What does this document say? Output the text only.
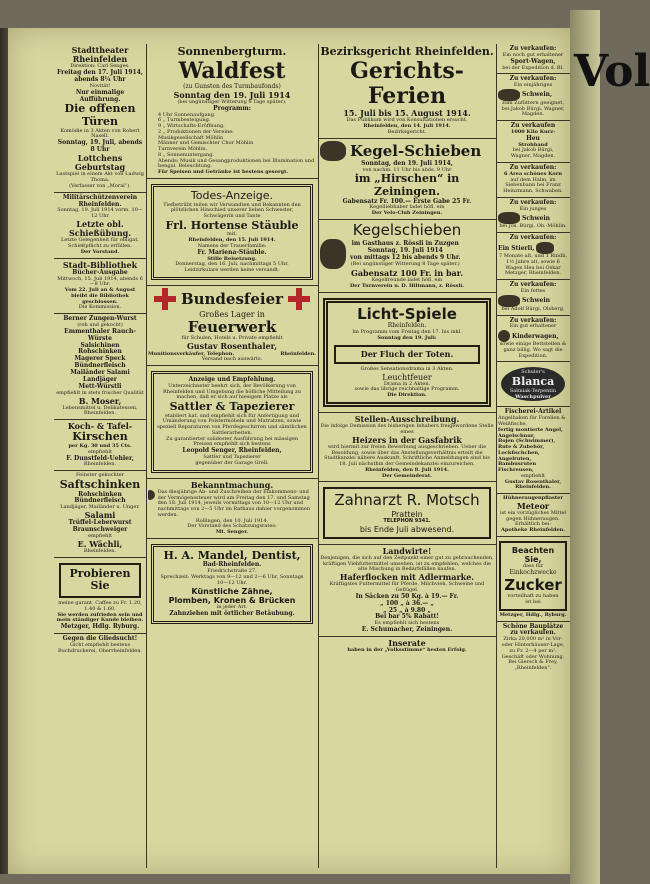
Vol
Stadttheater Rheinfelden
Direktion: Carl Senges.
Freitag den 17. Juli 1914, abends 8¼ Uhr
Novität!
Nur einmalige Aufführung.
Die offenen Türen
Komödie in 3 Akten von Robert Nasell.
Sonntag, 19. Juli, abends 8 Uhr
Lottchens Geburtstag
Lustspiel in einem Akt von Ludwig Thoma.
(Verfasser von „Moral“).
Militärschützenverein Rheinfelden.
Sonntag, 19. Juli 1914 vorm. 10—12 Uhr
Letzte obl. Schießübung.
Letzte Gelegenheit für obligat. Schießpflicht zu erfüllen.
Der Vorstand.
Stadt-Bibliothek
Bücher-Ausgabe
Mittwoch, 15. Juli 1914, abends 6—8 Uhr.
Vom 22. Juli an & August bleibt die Bibliothek geschlossen.
Die Kommission.
Berner Zungen-Wurst
(roh und gekocht)
Emmenthaler Rauch-Würste
Salsichinen
Rohschinken
Magerer Speck
Bündnerfleisch
Mailänder Salami
Landjäger
Mett-Würstli
empfiehlt in stets frischer Qualität
B. Moser,
Lebensmittel u. Delikatessen, Rheinfelden.
Koch- & Tafel-
Kirschen
per Kg. 30 und 35 Cts.
empfiehlt
F. Dunstfeld-Uehler,
Rheinfelden.
Feinster gekochter
Saftschinken
Rohschinken
Bündnerfleisch
Landjäger, Mailänder u. Unger.
Salami
Trüffel-Leberwurst
Braunschweiger
empfiehlt
E. Wächli,
Rheinfelden.
Probieren Sie
meine garant. Caffee zu Fr. 1.20, 1.40 & 1.60.
Sie werden zufrieden sein und mein ständiger Kunde bleiben.
Metzger, Hdlg. Ryburg.
Gegen die Gliedsucht!
Gicht empfiehlt bestens
Buchdruckerei, Oberrheinfelden.
Sonnenbergturm.
Waldfest
(zu Gunsten des Turmbaufonds)
Sonntag den 19. Juli 1914
(bei ungünstiger Witterung 8 Tage später).
Programm:
4 Uhr Sonnenaufgang.
6 „ Turmbesteigung.
9 „ Wirtschafts-Eröffnung.
2 „ Produktionen der Vereine:
Musikgesellschaft Möhlin
Männer und Gemischter Chor Möhlin
Turnverein Möhlin.
8 „ Sonnenuntergang.
Abends: Musik und Gesangproduktionen bei Illumination und bengal. Beleuchtung.
Für Speisen und Getränke ist bestens gesorgt.
Todes-Anzeige.
Tiefbetrübt teilen wir Verwandten und Bekannten den plötzlichen Hinschied unserer lieben Schwester, Schwägerin und Tante
Frl. Hortense Stäuble
mit.
Rheinfelden, den 15. Juli 1914.
Namens der Trauerfamilie:
Fr. Mariena-Stäuble.
Stille Beisetzung.
Donnerstag, den 16. Juli, nachmittags 5 Uhr.
Leidzirkulare werden keine versandt.
Bundesfeier
Großes Lager in
Feuerwerk
für Schulen, Hotels u. Private empfiehlt
Gustav Rosenthaler,
Munitionsverkäufer, Telephon.	Rheinfelden.
Versand nach auswärts.
Anzeige und Empfehlung.
Unterzeichneter beehrt sich, der Bevölkerung von Rheinfelden und Umgebung die höfliche Mitteilung zu machen, daß er sich auf hiesigem Platze als
Sattler & Tapezierer
etabliert hat, und empfiehlt sich für Anfertigung und Umänderung von Polstermöbeln und Matratzen, sowie speziell Reparaturen von Pferdegeschirren und sämtlichen Sattlerarbeiten.
Zu garantierter solidester Ausführung bei mässigen Preisen empfiehlt sich bestens
Leopold Senger, Rheinfelden,
Sattler und Tapezierer
gegenüber der Garage Grell.
Bekanntmachung.
Das diesjährige Ab- und Zuschreiben der Einkommens- und der Vermögenssteuer wird am Freitag den 17. und Samstag den 18. Juli 1914, jeweils vormittags von 10—12 Uhr und nachmittags von 2—5 Uhr im Rathaus dahier vorgenommen werden.
Rollingen, den 10. Juli 1914.
Der Vorstand des Schatzungsrates:
Mt. Senger.
H. A. Mandel, Dentist,
Bad-Rheinfelden.
Friedrichstraße 27.
Sprechzeit: Werktags von 9—12 und 2—6 Uhr, Sonntags 10—12 Uhr.
Künstliche Zähne,
Plomben, Kronen & Brücken
in jeder Art.
Zahnziehen mit örtlicher Betäubung.
Bezirksgericht Rheinfelden.
Gerichts-Ferien
15. Juli bis 15. August 1914.
Das Publikum wird von Konsultationen ersucht.
Rheinfelden, den 14. Juli 1914.
Bezirksgericht.
Kegel-Schieben
Sonntag, den 19. Juli 1914,
von nachm. 11 Uhr bis abds. 9 Uhr
im „Hirschen“ in Zeiningen.
Gabensatz Fr. 100.— Erste Gabe 25 Fr.
Kegelliebhaber ladet höfl. ein
Der Velo-Club Zeiningen.
Kegelschieben
im Gasthaus z. Rössli in Zuzgen
Sonntag, 19. Juli 1914
von mittags 12 bis abends 9 Uhr.
(Bei ungünstiger Witterung 8 Tage später.)
Gabensatz 100 Fr. in bar.
Kegelfreunde ladet höfl. ein
Der Turnverein u. D. Hiltmann, z. Rössli.
Licht-Spiele
Rheinfelden.
Im Programm vom Freitag den 17. bis inkl.
Sonntag den 19. Juli:
Der Fluch der Toten.
Großes Sensationsdrama in 3 Akten.
Leuchtfeuer
Drama in 2 Akten.
sowie das übrige reichhaltige Programm.
Die Direktion.
Stellen-Ausschreibung.
Die infolge Demission des bisherigen Inhabers freigewordene Stelle eines
Heizers in der Gasfabrik
wird hiermit zur freien Bewerbung ausgeschrieben. Ueber die Besoldung, sowie über das Anstellungsverhältnis erteilt die Stadtkanzlei nähere Auskunft. Schriftliche Anmeldungen sind bis 18. Juli nächsthin der Gemeindekanzlei einzureichen.
Rheinfelden, den 8. Juli 1914.
Der Gemeinderat.
Zahnarzt R. Motsch
Pratteln
TELEPHON 9341.
bis Ende Juli abwesend.
Landwirte!
Denjenigen, die sich auf den Zeitpunkt einer gut zu gebrauchenden, kräftigen Viehfuttermittel umsehen, ist zu empfehlen, welches die alte Mischung in Bedarfsfällen kaufen.
Haferflocken mit Adlermarke.
Kräftigstes Futtermittel für Pferde, Milchvieh, Schweine und Geflügel.
In Säcken zu 50 Kg. à 19.— Fr.
„ 100 „ à 36.— „
„ 25 „ à 9.80 „
Bei bar 5% Rabatt!
Es empfiehlt sich bestens
E. Schumacher, Zeiningen.
Inserate
haben in der „Volksstimme“ besten Erfolg.
Zu verkaufen:
Ein noch gut erhaltener
Sport-Wagen,
bei der Expedition d. Bl.
Zu verkaufen:
Ein einjähriges
Schwein,
zum Zufüttern geeignet, bei Jakob Bürgi, Wagner, Magden.
Zu verkaufen
1000 Kilo Kurz-
Heu
Strohband
bei Jakob Bürgi,
Wagner, Magden.
Zu verkaufen:
6 Area schönes Korn
auf dem Halm, im Siebenbann bei Franz Heinzmann, Schwaben.
Zu verkaufen:
Ein junges
Schwein
bei Jos. Bürgi, Ob.-Möhlin.
Zu verkaufen:
Ein Stierli,
7 Monate alt, und 1 Rindli, 1½ Jahre alt, sowie 6 Wagen Heu bei Oskar Metzger, Rheinfelden.
Zu verkaufen:
Ein fettes
Schwein
bei Adolf Bürgi, Olsberg.
Zu verkaufen:
Ein gut erhaltener
Kinderwagen,
sowie einige Bettstellen & ganz billig. Wo sagt die Expedition.
Schuler's
Blanca
Salmiak-Terpentin
Waschpulver
Fischerei-Artikel
Angelhaken für Forellen & Weißfische,
fertig montierte Angel,
Angelschnur,
Bojen (Schwimmer),
Rute & Zubehör,
Lockfischchen,
Angelruten,
Bambusruten
Fischreusen,
empfiehlt
Gustav Rosenthaler, Rheinfelden.
Hühneraugenpflaster
Meteor
ist ein vorzügliches Mittel
gegen Hühneraugen.
Erhältlich bei:
Apotheke Rheinfelden.
Beachten Sie,
dass für
Einkochzwecke
Zucker
vorteilhaft zu haben ist bei
Metzger, Hdlg., Ryburg.
Schöne Bauplätze
zu verkaufen.
Zirka 20,000 m² in Vor- oder Hinterhäuser-Lage, zu Fr. 2—4 per m².
Geschäft oder Wohnung. Bei Giersch & Frey, „Rheinfelden“.
